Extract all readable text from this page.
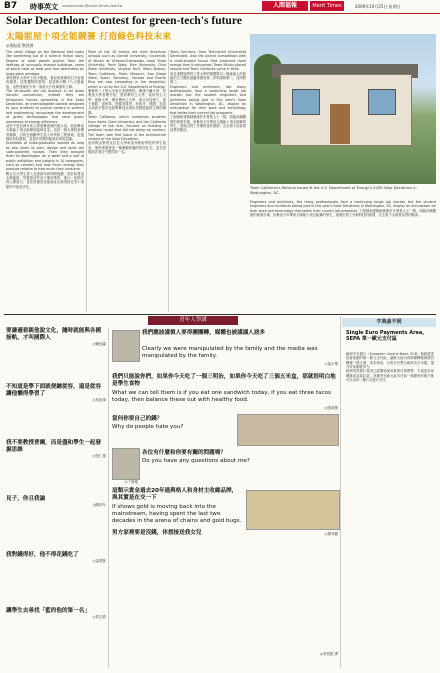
B7 時事英文 newsmonitor@merit-times.com.tw	人間福報	Merit Times	2009年10月25日 星期日
Solar Decathlon: Contest for green-tech's future
太陽能屋十項全能競賽 打造綠色科技未來
◎黃振遠 教授譯
The small village on the National Mall looks like something out of a science fiction story. Dozens of solar panels project from the rooftops of unusually shaped buildings, some of which have at least one face dominated by large glass windows.
華府國家大草坪上的小聚落，看起來就像科幻小說裡的場景。造型獨特的建物，屋頂伸出數十片太陽能板，這些建築至少有一面被大片玻璃窗所主導。
The structures are not displays in an Asian futurist convention; instead they are temporary homes competing in the Solar Decathlon, an intercollegiate contest designed to spur students to pursue careers in science and engineering, encourage the development of green technologies and raise public awareness of energy-efficiency.
這些不是亞洲未來主義展覽會裡的展示品，而是參加太陽能十項全能賽的臨時住宅。這是一個大專院校間的競賽，目的在鼓勵學生投入科學和工程領域、促進綠色科技發展，並提升民眾對能源效率的認識。
Hundreds of undergraduates worked as long as two years to plan, design and build the solar-powered houses. Then they brought them to Washington for a week and a half of public exhibition and judging in 10 categories, such as comfort and how much energy they produce relative to how much they consume.
數百名大學生投入長達兩年的時間規劃、設計和建造太陽能屋，然後把這些房子運到華府，進行一星期半的公開展示，並在舒適度及能源產出與消耗比等十項類別中接受評比。
Most of the 20 teams are from American schools such as Cornell University, University of Illinois at Urbana-Champaign, Iowa State University, Penn State, Rice University, Ohio State University, Virginia Tech, Team Boston, Team California, Team Missouri, San Diego State, Spain, Germany, Canada and Puerto Rico are also competing in the decathlon, which is run by the U.S. Department of Energy.
參賽的二十隊大多來自美國學校，像康乃爾大學、伊利諾大學香檳分校、愛荷華州立大學、賓州州立大學、萊斯大學、俄亥俄州立大學、維吉尼亞理工、波士頓隊、加州隊、密蘇里隊等，西班牙、德國、加拿大和波多黎各也派隊參加這項由美國能源部主辦的競賽。
Team California, which comprises students from Santa Clara University and the California College of the Arts, focused on building a practical house that did not skimp on comfort. The team won first place in the architecture contest of the Solar Decathlon.
加州隊由聖塔克拉拉大學和加州藝術學院的學生組成，他們著重建造一棟兼顧舒適的實用住宅，並在建築設計項目中獲得第一名。
Team Germany, from Technische Universität Darmstadt, won the overall competition with a cube-shaped house that produced more energy than it consumed. Team Illinois placed second and Team California came in third.
來自達姆施塔特工業大學的德國隊以一棟產能大於耗能的立方體房屋贏得總冠軍，伊利諾隊第二，加州隊第三。
Engineers and architects, like many professionals, face a continuing tough job market, but the student engineers and architects taking part in this year's Solar Decathlon in Washington, DC, display an enthusiasm for their work and technology that belies their current job prospects.
工程師和建築師就像許多專業人士一樣，面臨持續艱困的就業市場，但參加今年華府太陽能十項全能賽的學生，展現出對工作與科技的熱情，完全看不出就業前景的黯淡。
Team California's Refocus house at the U.S. Department of Energy's 2009 Solar Decathlon in Washington, DC.
Engineers and architects, like many professionals, face a continuing tough job market, but the student engineers and architects taking part in this year's Solar Decathlon in Washington, DC, display an enthusiasm for their work and technology that belies their current job prospects. 工程師和建築師就像許多專業人士一樣，面臨持續艱困的就業市場，但參加今年華府太陽能十項全能賽的學生，展現出對工作與科技的熱情，完全看不出就業前景的黯淡。
青年人學講
要謙遜看親他說文化，隨時就能與各國接軌，才叫國際人
◎賴冠霖
不知道是學下面就便總從容，還是從容讓他懶得學習了
◎吳政璋
我不要教授普爾，而是盡和學生一起發掘思維
◎張仁德
見子，你且我論
◎陳伯年
我對錢得好，他不得花錢吃了
◎蕭建豪
讓學生去尋找「藍的他的第一名」
◎蔡文凱
我們應該謹慎人要得團團轉，媒體也被謹謹人惡多
Clearly we were manipulated by the family and the media was manipulated by the family.
◎黃小華
我們只能說你們，如果你今天吃了一個三明治，如果你今天吃了三個五米盒，那就很明白地是學生食物
What we can tell them is if you eat one sandwich today, if you eat three tacos today, then balance these out with healthy food.
◎張莉慧
當何你要自己的錢？
Why do people hate you?
各位有什麼和你要有關的問題嗎？
Do you have any questions about me?
◎丁聖雅
這類示貴金過去20年過與格人和身材主收緣品牌，與其實是在交一下
If shows gold is moving back into the mainstream, having spent the last two decades in the arena of chains and gold bugs.
男方家裡要是沒錢，休想接送我女兒	◎楊秀麗
◎黃柏凱 譯
字典曲不到
Single Euro Payments Area, SEPA 單一歐元支付區
歐洲中央銀行（European Central Bank, ECB）與歐盟委員會推動的單一歐元支付區，讓歐元區內的跨國轉帳與國內轉帳一樣方便、成本相同，目的在於整合歐洲支付市場，提升效率與競爭力。
歐洲零售銀行業者已經開始採用新的付款標準，不論是信用轉帳或直接扣款，消費者在歐元區內任何一個國家的帳戶都可以用同一種方式進行支付。
